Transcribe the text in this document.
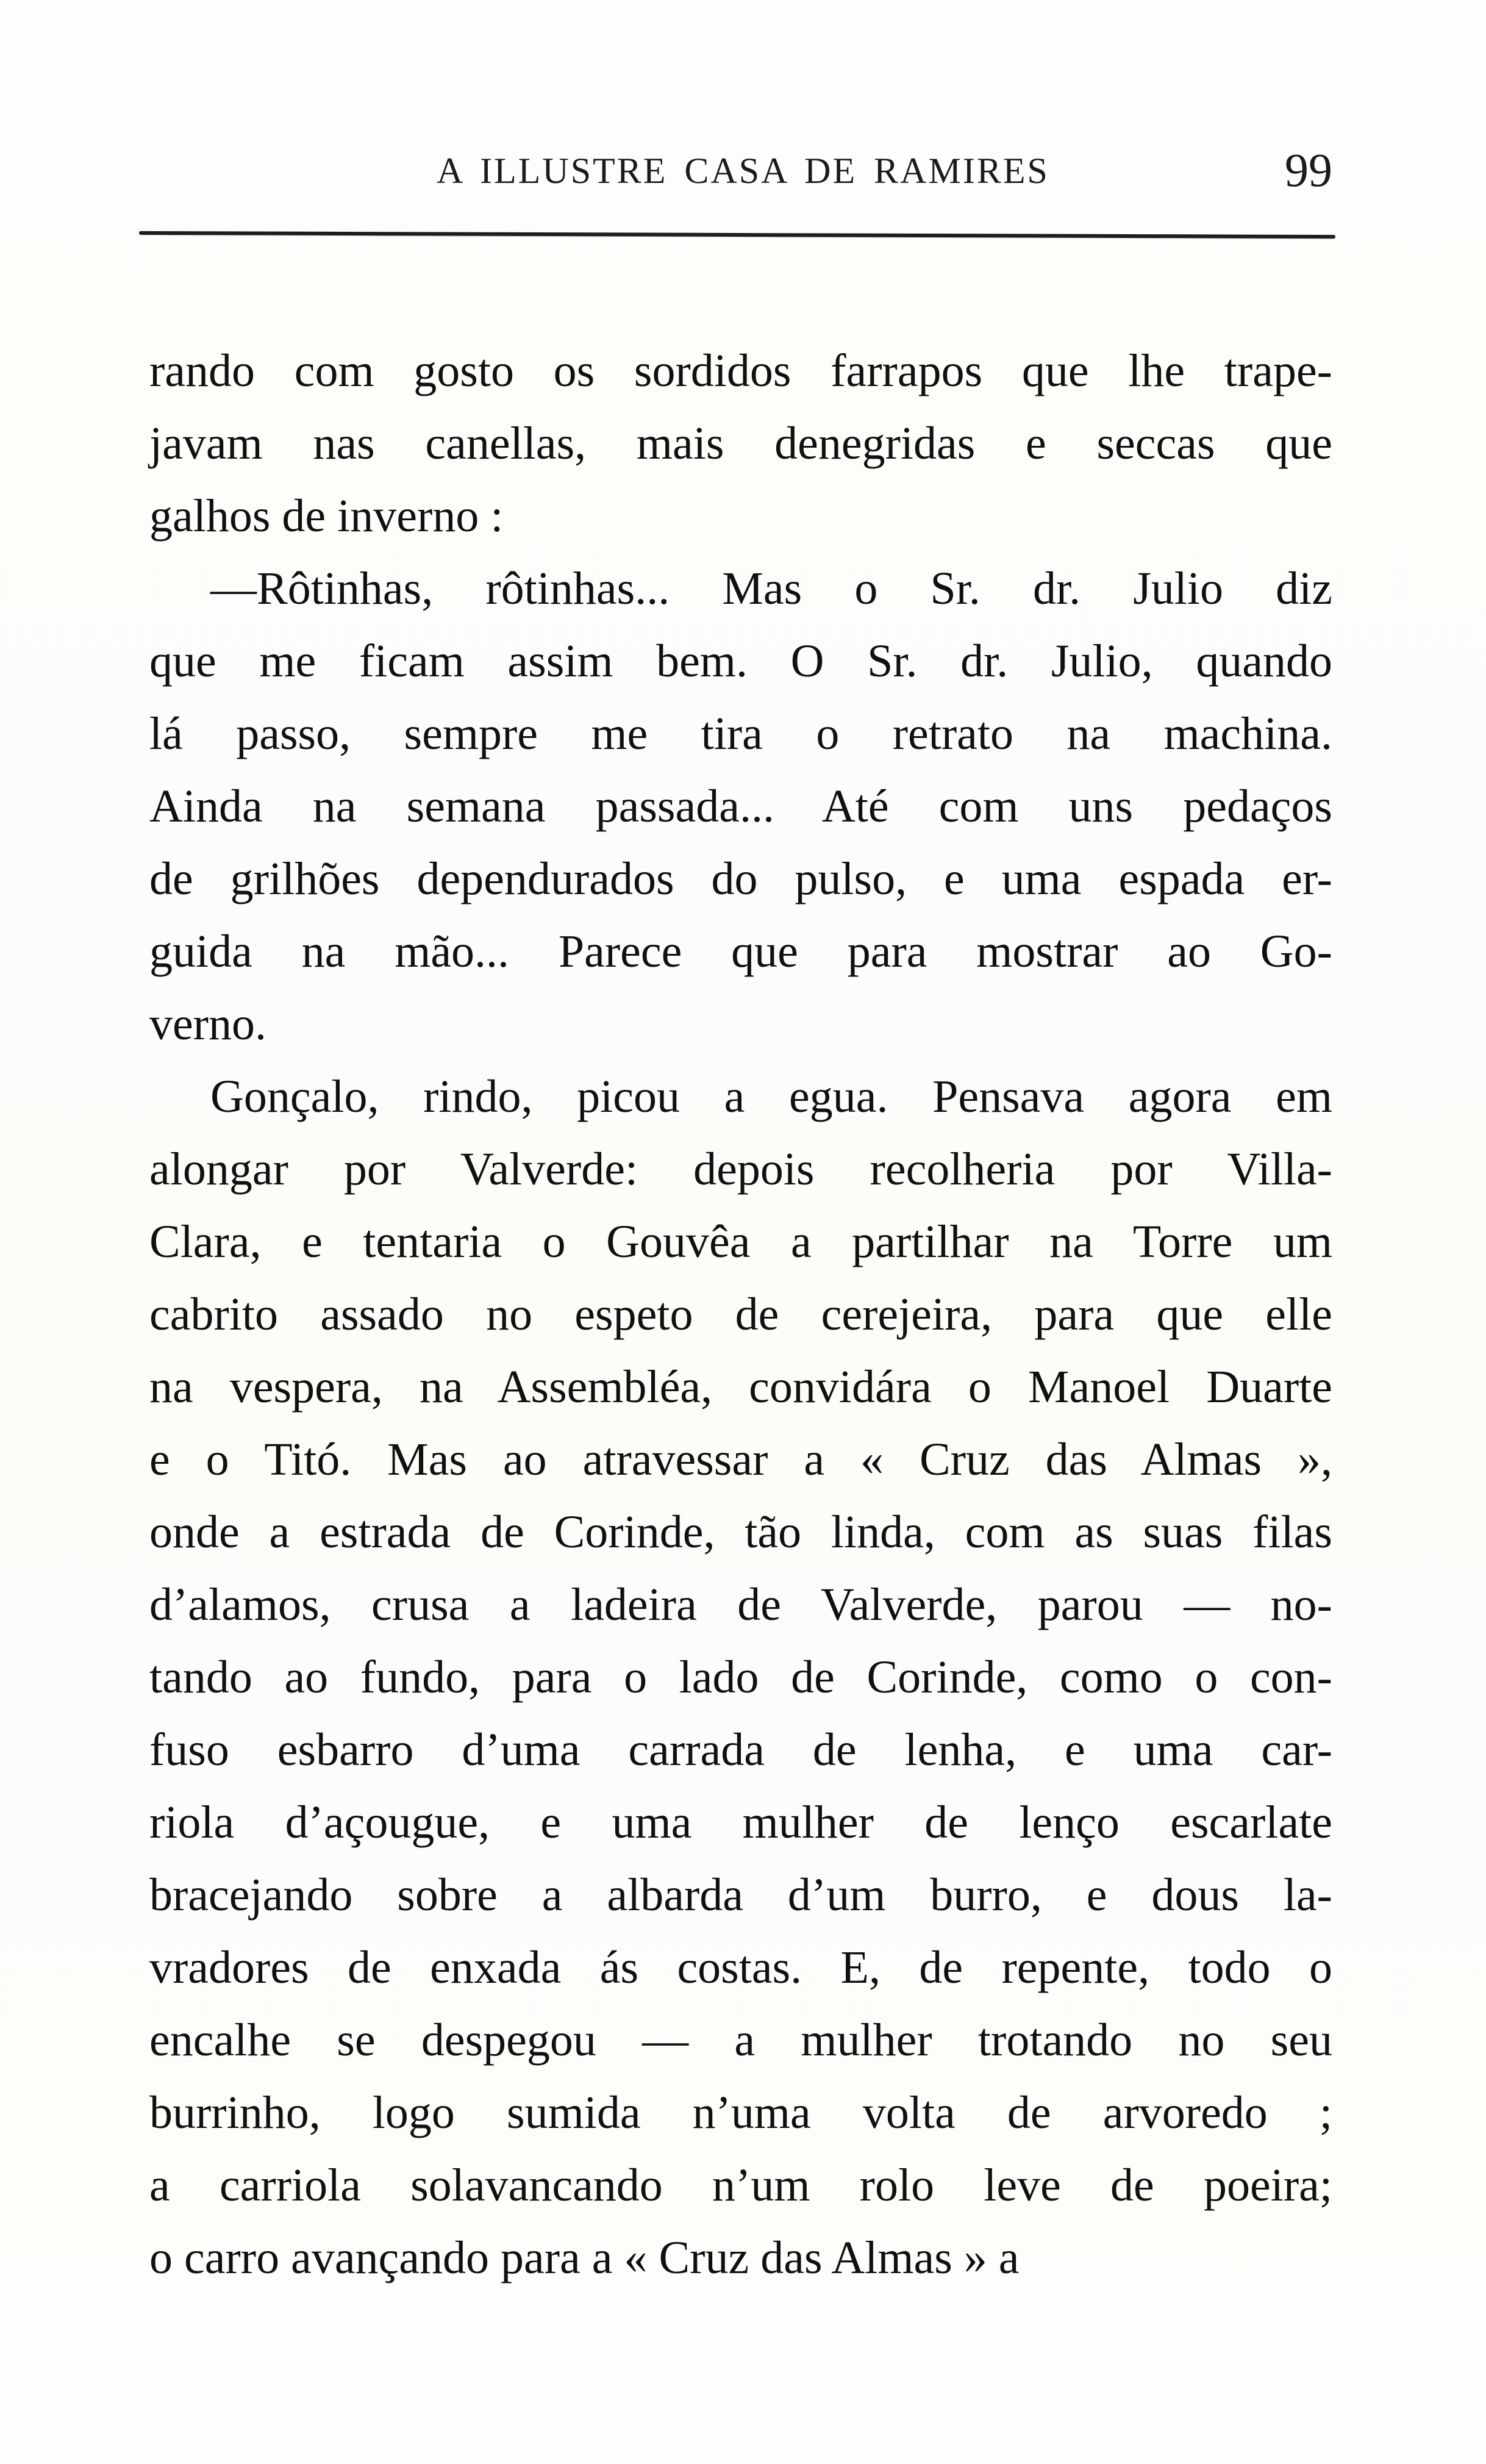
A ILLUSTRE CASA DE RAMIRES	99
rando com gosto os sordidos farrapos que lhe trape-
javam nas canellas, mais denegridas e seccas que
galhos de inverno :
—Rôtinhas, rôtinhas... Mas o Sr. dr. Julio diz
que me ficam assim bem. O Sr. dr. Julio, quando
lá passo, sempre me tira o retrato na machina.
Ainda na semana passada... Até com uns pedaços
de grilhões dependurados do pulso, e uma espada er-
guida na mão... Parece que para mostrar ao Go-
verno.
Gonçalo, rindo, picou a egua. Pensava agora em
alongar por Valverde: depois recolheria por Villa-
Clara, e tentaria o Gouvêa a partilhar na Torre um
cabrito assado no espeto de cerejeira, para que elle
na vespera, na Assembléa, convidára o Manoel Duarte
e o Titó. Mas ao atravessar a « Cruz das Almas »,
onde a estrada de Corinde, tão linda, com as suas filas
d’alamos, crusa a ladeira de Valverde, parou — no-
tando ao fundo, para o lado de Corinde, como o con-
fuso esbarro d’uma carrada de lenha, e uma car-
riola d’açougue, e uma mulher de lenço escarlate
bracejando sobre a albarda d’um burro, e dous la-
vradores de enxada ás costas. E, de repente, todo o
encalhe se despegou — a mulher trotando no seu
burrinho, logo sumida n’uma volta de arvoredo ;
a carriola solavancando n’um rolo leve de poeira;
o carro avançando para a « Cruz das Almas » a
